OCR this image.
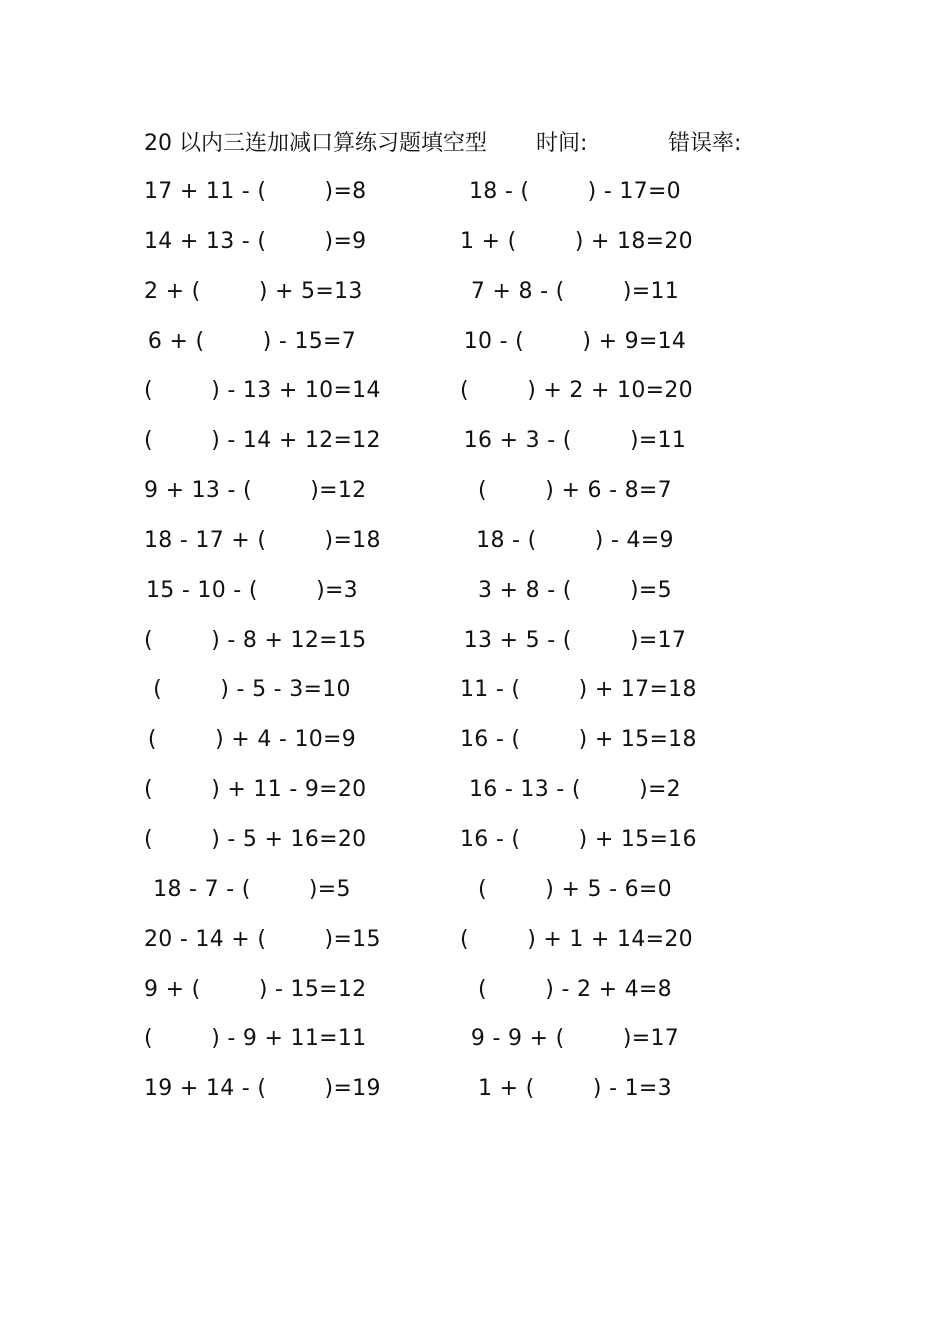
20 以内三连加减口算练习题填空型 时间:	错误率:
17 + 11 - (        )=8	18 - (        ) - 17=0
14 + 13 - (        )=9	1 + (        ) + 18=20
2 + (        ) + 5=13	7 + 8 - (        )=11
6 + (        ) - 15=7	10 - (        ) + 9=14
(        ) - 13 + 10=14	(        ) + 2 + 10=20
(        ) - 14 + 12=12	16 + 3 - (        )=11
9 + 13 - (        )=12	(        ) + 6 - 8=7
18 - 17 + (        )=18	18 - (        ) - 4=9
15 - 10 - (        )=3	3 + 8 - (        )=5
(        ) - 8 + 12=15	13 + 5 - (        )=17
(        ) - 5 - 3=10	11 - (        ) + 17=18
(        ) + 4 - 10=9	16 - (        ) + 15=18
(        ) + 11 - 9=20	16 - 13 - (        )=2
(        ) - 5 + 16=20	16 - (        ) + 15=16
18 - 7 - (        )=5	(        ) + 5 - 6=0
20 - 14 + (        )=15	(        ) + 1 + 14=20
9 + (        ) - 15=12	(        ) - 2 + 4=8
(        ) - 9 + 11=11	9 - 9 + (        )=17
19 + 14 - (        )=19	1 + (        ) - 1=3
